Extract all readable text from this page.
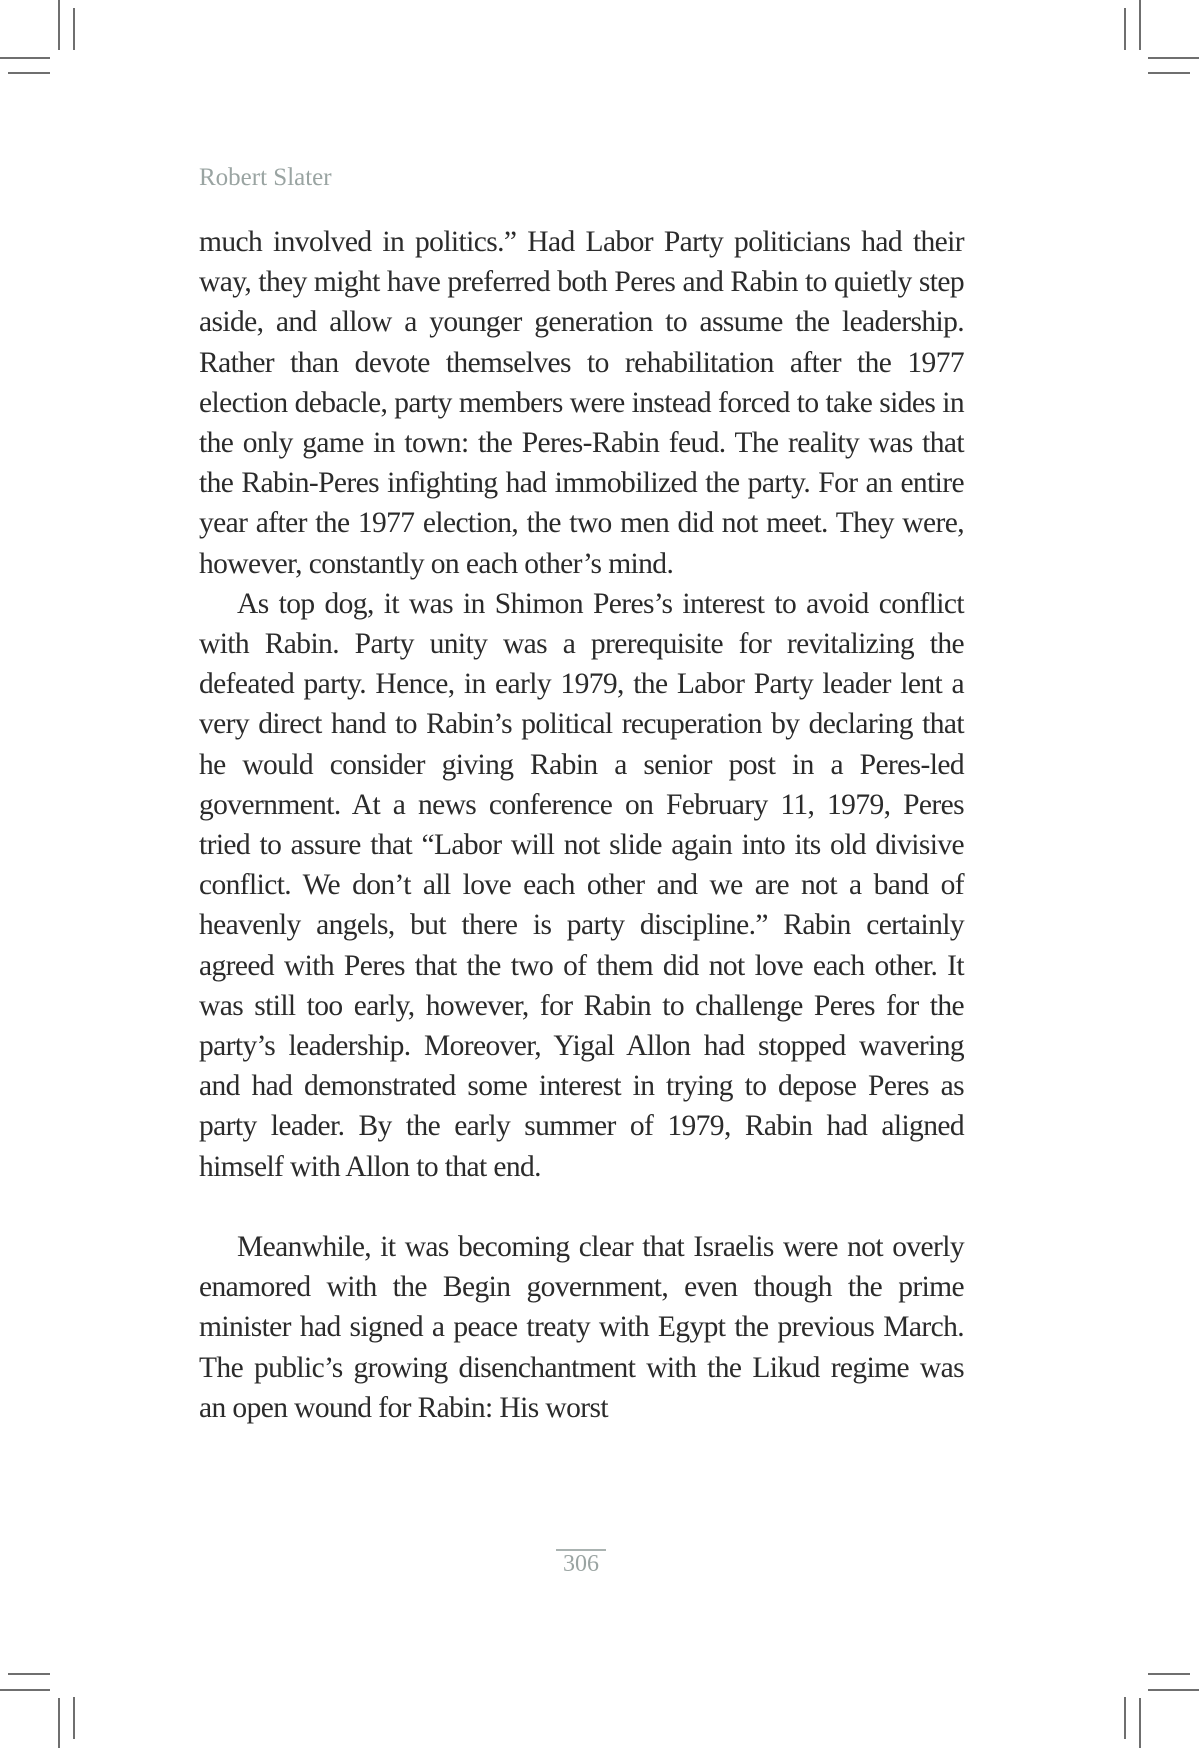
Robert Slater

much involved in politics.” Had Labor Party politicians had their way, they might have preferred both Peres and Rabin to quietly step aside, and allow a younger generation to assume the leadership. Rather than devote themselves to rehabilitation after the 1977 election debacle, party members were instead forced to take sides in the only game in town: the Peres-Rabin feud. The reality was that the Rabin-Peres infighting had immobilized the party. For an entire year after the 1977 election, the two men did not meet. They were, however, constantly on each other’s mind.

As top dog, it was in Shimon Peres’s interest to avoid conflict with Rabin. Party unity was a prerequisite for revitalizing the defeated party. Hence, in early 1979, the Labor Party leader lent a very direct hand to Rabin’s political recuperation by declaring that he would consider giving Rabin a senior post in a Peres-led government. At a news conference on February 11, 1979, Peres tried to assure that “Labor will not slide again into its old divisive conflict. We don’t all love each other and we are not a band of heavenly angels, but there is party discipline.” Rabin certainly agreed with Peres that the two of them did not love each other. It was still too early, however, for Rabin to challenge Peres for the party’s leadership. Moreover, Yigal Allon had stopped wavering and had demonstrated some interest in trying to depose Peres as party leader. By the early summer of 1979, Rabin had aligned himself with Allon to that end.

Meanwhile, it was becoming clear that Israelis were not overly enamored with the Begin government, even though the prime minister had signed a peace treaty with Egypt the previous March. The public’s growing disenchantment with the Likud regime was an open wound for Rabin: His worst

306
